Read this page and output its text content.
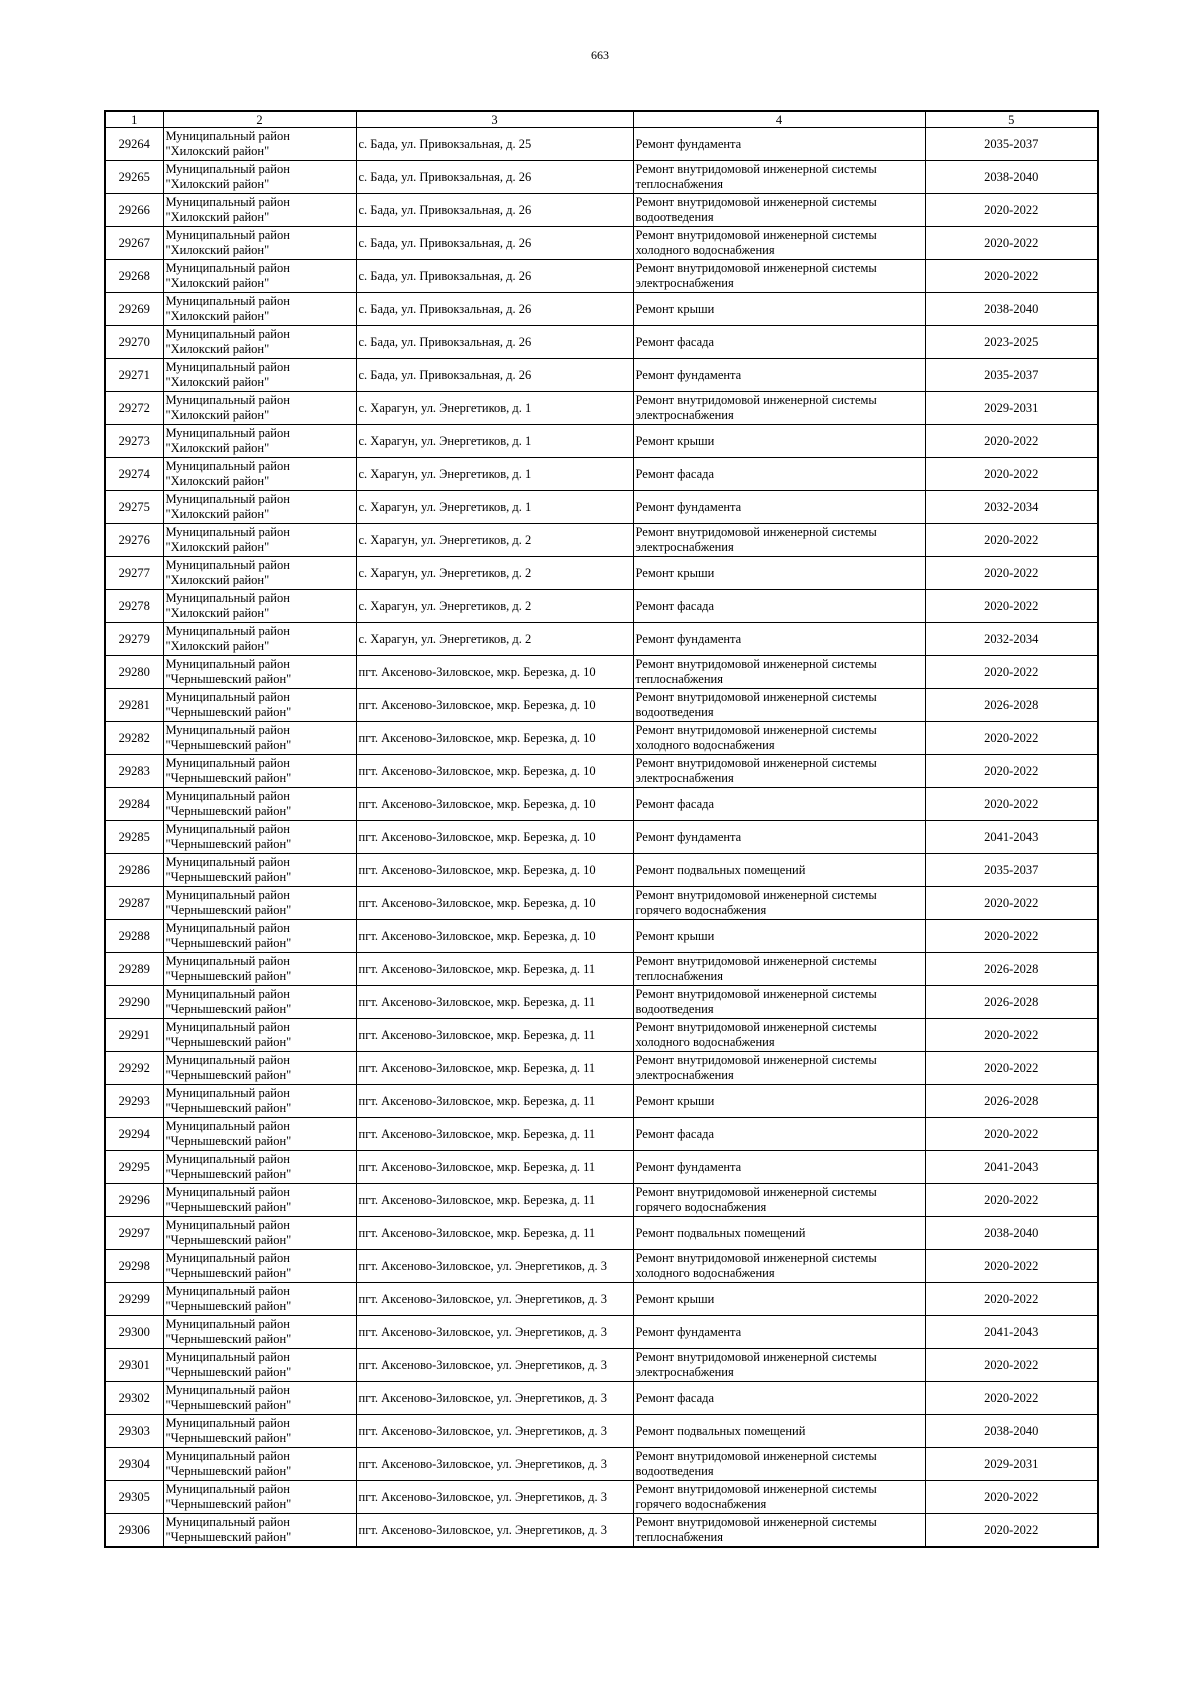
663
1	2	3	4	5
29264	Муниципальный район
"Хилокский район"	с. Бада, ул. Привокзальная, д. 25	Ремонт фундамента	2035-2037
29265	Муниципальный район
"Хилокский район"	с. Бада, ул. Привокзальная, д. 26	Ремонт внутридомовой инженерной системы
теплоснабжения	2038-2040
29266	Муниципальный район
"Хилокский район"	с. Бада, ул. Привокзальная, д. 26	Ремонт внутридомовой инженерной системы
водоотведения	2020-2022
29267	Муниципальный район
"Хилокский район"	с. Бада, ул. Привокзальная, д. 26	Ремонт внутридомовой инженерной системы
холодного водоснабжения	2020-2022
29268	Муниципальный район
"Хилокский район"	с. Бада, ул. Привокзальная, д. 26	Ремонт внутридомовой инженерной системы
электроснабжения	2020-2022
29269	Муниципальный район
"Хилокский район"	с. Бада, ул. Привокзальная, д. 26	Ремонт крыши	2038-2040
29270	Муниципальный район
"Хилокский район"	с. Бада, ул. Привокзальная, д. 26	Ремонт фасада	2023-2025
29271	Муниципальный район
"Хилокский район"	с. Бада, ул. Привокзальная, д. 26	Ремонт фундамента	2035-2037
29272	Муниципальный район
"Хилокский район"	с. Харагун, ул. Энергетиков, д. 1	Ремонт внутридомовой инженерной системы
электроснабжения	2029-2031
29273	Муниципальный район
"Хилокский район"	с. Харагун, ул. Энергетиков, д. 1	Ремонт крыши	2020-2022
29274	Муниципальный район
"Хилокский район"	с. Харагун, ул. Энергетиков, д. 1	Ремонт фасада	2020-2022
29275	Муниципальный район
"Хилокский район"	с. Харагун, ул. Энергетиков, д. 1	Ремонт фундамента	2032-2034
29276	Муниципальный район
"Хилокский район"	с. Харагун, ул. Энергетиков, д. 2	Ремонт внутридомовой инженерной системы
электроснабжения	2020-2022
29277	Муниципальный район
"Хилокский район"	с. Харагун, ул. Энергетиков, д. 2	Ремонт крыши	2020-2022
29278	Муниципальный район
"Хилокский район"	с. Харагун, ул. Энергетиков, д. 2	Ремонт фасада	2020-2022
29279	Муниципальный район
"Хилокский район"	с. Харагун, ул. Энергетиков, д. 2	Ремонт фундамента	2032-2034
29280	Муниципальный район
"Чернышевский район"	пгт. Аксеново-Зиловское, мкр. Березка, д. 10	Ремонт внутридомовой инженерной системы
теплоснабжения	2020-2022
29281	Муниципальный район
"Чернышевский район"	пгт. Аксеново-Зиловское, мкр. Березка, д. 10	Ремонт внутридомовой инженерной системы
водоотведения	2026-2028
29282	Муниципальный район
"Чернышевский район"	пгт. Аксеново-Зиловское, мкр. Березка, д. 10	Ремонт внутридомовой инженерной системы
холодного водоснабжения	2020-2022
29283	Муниципальный район
"Чернышевский район"	пгт. Аксеново-Зиловское, мкр. Березка, д. 10	Ремонт внутридомовой инженерной системы
электроснабжения	2020-2022
29284	Муниципальный район
"Чернышевский район"	пгт. Аксеново-Зиловское, мкр. Березка, д. 10	Ремонт фасада	2020-2022
29285	Муниципальный район
"Чернышевский район"	пгт. Аксеново-Зиловское, мкр. Березка, д. 10	Ремонт фундамента	2041-2043
29286	Муниципальный район
"Чернышевский район"	пгт. Аксеново-Зиловское, мкр. Березка, д. 10	Ремонт подвальных помещений	2035-2037
29287	Муниципальный район
"Чернышевский район"	пгт. Аксеново-Зиловское, мкр. Березка, д. 10	Ремонт внутридомовой инженерной системы
горячего водоснабжения	2020-2022
29288	Муниципальный район
"Чернышевский район"	пгт. Аксеново-Зиловское, мкр. Березка, д. 10	Ремонт крыши	2020-2022
29289	Муниципальный район
"Чернышевский район"	пгт. Аксеново-Зиловское, мкр. Березка, д. 11	Ремонт внутридомовой инженерной системы
теплоснабжения	2026-2028
29290	Муниципальный район
"Чернышевский район"	пгт. Аксеново-Зиловское, мкр. Березка, д. 11	Ремонт внутридомовой инженерной системы
водоотведения	2026-2028
29291	Муниципальный район
"Чернышевский район"	пгт. Аксеново-Зиловское, мкр. Березка, д. 11	Ремонт внутридомовой инженерной системы
холодного водоснабжения	2020-2022
29292	Муниципальный район
"Чернышевский район"	пгт. Аксеново-Зиловское, мкр. Березка, д. 11	Ремонт внутридомовой инженерной системы
электроснабжения	2020-2022
29293	Муниципальный район
"Чернышевский район"	пгт. Аксеново-Зиловское, мкр. Березка, д. 11	Ремонт крыши	2026-2028
29294	Муниципальный район
"Чернышевский район"	пгт. Аксеново-Зиловское, мкр. Березка, д. 11	Ремонт фасада	2020-2022
29295	Муниципальный район
"Чернышевский район"	пгт. Аксеново-Зиловское, мкр. Березка, д. 11	Ремонт фундамента	2041-2043
29296	Муниципальный район
"Чернышевский район"	пгт. Аксеново-Зиловское, мкр. Березка, д. 11	Ремонт внутридомовой инженерной системы
горячего водоснабжения	2020-2022
29297	Муниципальный район
"Чернышевский район"	пгт. Аксеново-Зиловское, мкр. Березка, д. 11	Ремонт подвальных помещений	2038-2040
29298	Муниципальный район
"Чернышевский район"	пгт. Аксеново-Зиловское, ул. Энергетиков, д. 3	Ремонт внутридомовой инженерной системы
холодного водоснабжения	2020-2022
29299	Муниципальный район
"Чернышевский район"	пгт. Аксеново-Зиловское, ул. Энергетиков, д. 3	Ремонт крыши	2020-2022
29300	Муниципальный район
"Чернышевский район"	пгт. Аксеново-Зиловское, ул. Энергетиков, д. 3	Ремонт фундамента	2041-2043
29301	Муниципальный район
"Чернышевский район"	пгт. Аксеново-Зиловское, ул. Энергетиков, д. 3	Ремонт внутридомовой инженерной системы
электроснабжения	2020-2022
29302	Муниципальный район
"Чернышевский район"	пгт. Аксеново-Зиловское, ул. Энергетиков, д. 3	Ремонт фасада	2020-2022
29303	Муниципальный район
"Чернышевский район"	пгт. Аксеново-Зиловское, ул. Энергетиков, д. 3	Ремонт подвальных помещений	2038-2040
29304	Муниципальный район
"Чернышевский район"	пгт. Аксеново-Зиловское, ул. Энергетиков, д. 3	Ремонт внутридомовой инженерной системы
водоотведения	2029-2031
29305	Муниципальный район
"Чернышевский район"	пгт. Аксеново-Зиловское, ул. Энергетиков, д. 3	Ремонт внутридомовой инженерной системы
горячего водоснабжения	2020-2022
29306	Муниципальный район
"Чернышевский район"	пгт. Аксеново-Зиловское, ул. Энергетиков, д. 3	Ремонт внутридомовой инженерной системы
теплоснабжения	2020-2022
